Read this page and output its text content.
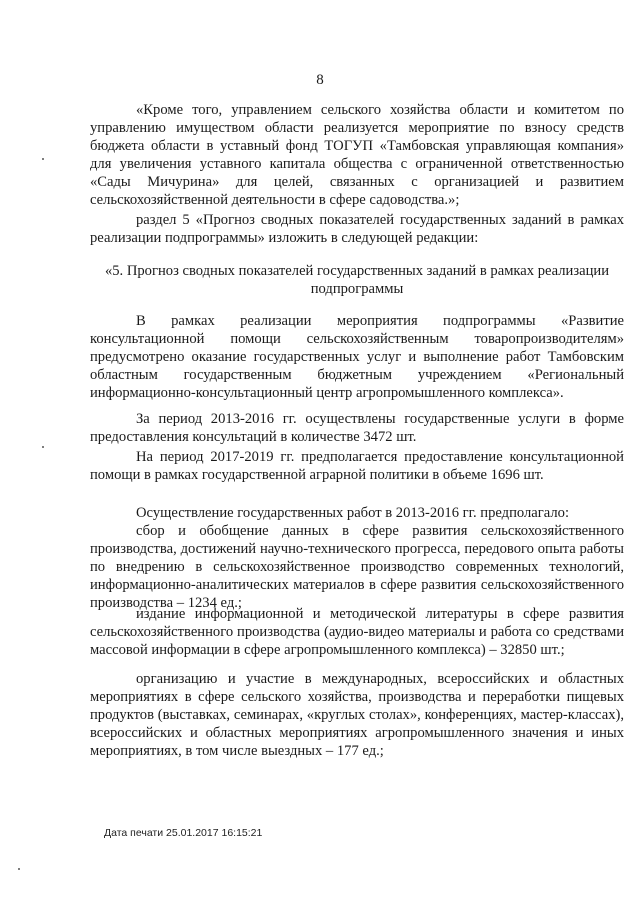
8

«Кроме того, управлением сельского хозяйства области и комитетом по управлению имуществом области реализуется мероприятие по взносу средств бюджета области в уставный фонд ТОГУП «Тамбовская управляющая компания» для увеличения уставного капитала общества с ограниченной ответственностью «Сады Мичурина» для целей, связанных с организацией и развитием сельскохозяйственной деятельности в сфере садоводства.»;

раздел 5 «Прогноз сводных показателей государственных заданий в рамках реализации подпрограммы» изложить в следующей редакции:

«5. Прогноз сводных показателей государственных заданий в рамках реализации подпрограммы

В рамках реализации мероприятия подпрограммы «Развитие консультационной помощи сельскохозяйственным товаропроизводителям» предусмотрено оказание государственных услуг и выполнение работ Тамбовским областным государственным бюджетным учреждением «Региональный информационно-консультационный центр агропромышленного комплекса».

За период 2013-2016 гг. осуществлены государственные услуги в форме предоставления консультаций в количестве 3472 шт.

На период 2017-2019 гг. предполагается предоставление консультационной помощи в рамках государственной аграрной политики в объеме 1696 шт.

Осуществление государственных работ в 2013-2016 гг. предполагало:

сбор и обобщение данных в сфере развития сельскохозяйственного производства, достижений научно-технического прогресса, передового опыта работы по внедрению в сельскохозяйственное производство современных технологий, информационно-аналитических материалов в сфере развития сельскохозяйственного производства – 1234 ед.;

издание информационной и методической литературы в сфере развития сельскохозяйственного производства (аудио-видео материалы и работа со средствами массовой информации в сфере агропромышленного комплекса) – 32850 шт.;

организацию и участие в международных, всероссийских и областных мероприятиях в сфере сельского хозяйства, производства и переработки пищевых продуктов (выставках, семинарах, «круглых столах», конференциях, мастер-классах), всероссийских и областных мероприятиях агропромышленного значения и иных мероприятиях, в том числе выездных – 177 ед.;

Дата печати 25.01.2017 16:15:21
